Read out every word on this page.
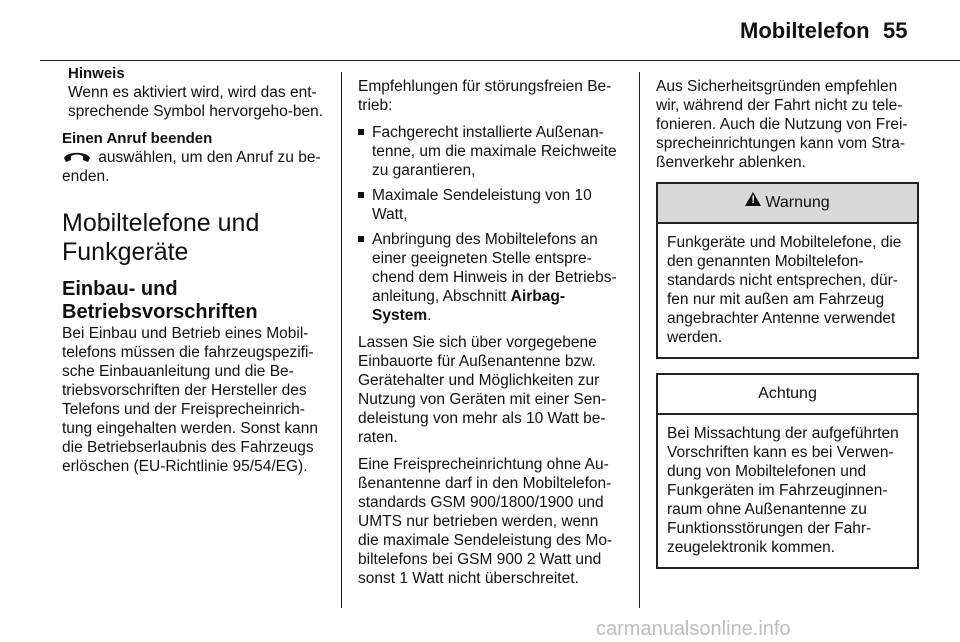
Mobiltelefon 55
Hinweis

Wenn es aktiviert wird, wird das ent-sprechende Symbol hervorgeho-ben.

Einen Anruf beenden

auswählen, um den Anruf zu be-enden.

Mobiltelefone und Funkgeräte
Einbau- und Betriebsvorschriften

Bei Einbau und Betrieb eines Mobil-telefons müssen die fahrzeugspezifi-sche Einbauanleitung und die Be-triebsvorschriften der Hersteller des Telefons und der Freisprecheinrich-tung eingehalten werden. Sonst kann die Betriebserlaubnis des Fahrzeugs erlöschen (EU-Richtlinie 95/54/EG).

Empfehlungen für störungsfreien Be-trieb:

Fachgerecht installierte Außenan-tenne, um die maximale Reichweite zu garantieren,
Maximale Sendeleistung von 10 Watt,
Anbringung des Mobiltelefons an einer geeigneten Stelle entspre-chend dem Hinweis in der Betriebs-anleitung, Abschnitt Airbag-System.

Lassen Sie sich über vorgegebene Einbauorte für Außenantenne bzw. Gerätehalter und Möglichkeiten zur Nutzung von Geräten mit einer Sen-deleistung von mehr als 10 Watt be-raten.

Eine Freisprecheinrichtung ohne Au-ßenantenne darf in den Mobiltelefon-standards GSM 900/1800/1900 und UMTS nur betrieben werden, wenn die maximale Sendeleistung des Mo-biltelefons bei GSM 900 2 Watt und sonst 1 Watt nicht überschreitet.

Aus Sicherheitsgründen empfehlen wir, während der Fahrt nicht zu tele-fonieren. Auch die Nutzung von Frei-sprecheinrichtungen kann vom Stra-ßenverkehr ablenken.

!Warnung
Funkgeräte und Mobiltelefone, die den genannten Mobiltelefon-standards nicht entsprechen, dür-fen nur mit außen am Fahrzeug angebrachter Antenne verwendet werden.
Achtung
Bei Missachtung der aufgeführten Vorschriften kann es bei Verwen-dung von Mobiltelefonen und Funkgeräten im Fahrzeuginnen-raum ohne Außenantenne zu Funktionsstörungen der Fahr-zeugelektronik kommen.
carmanualsonline.info
